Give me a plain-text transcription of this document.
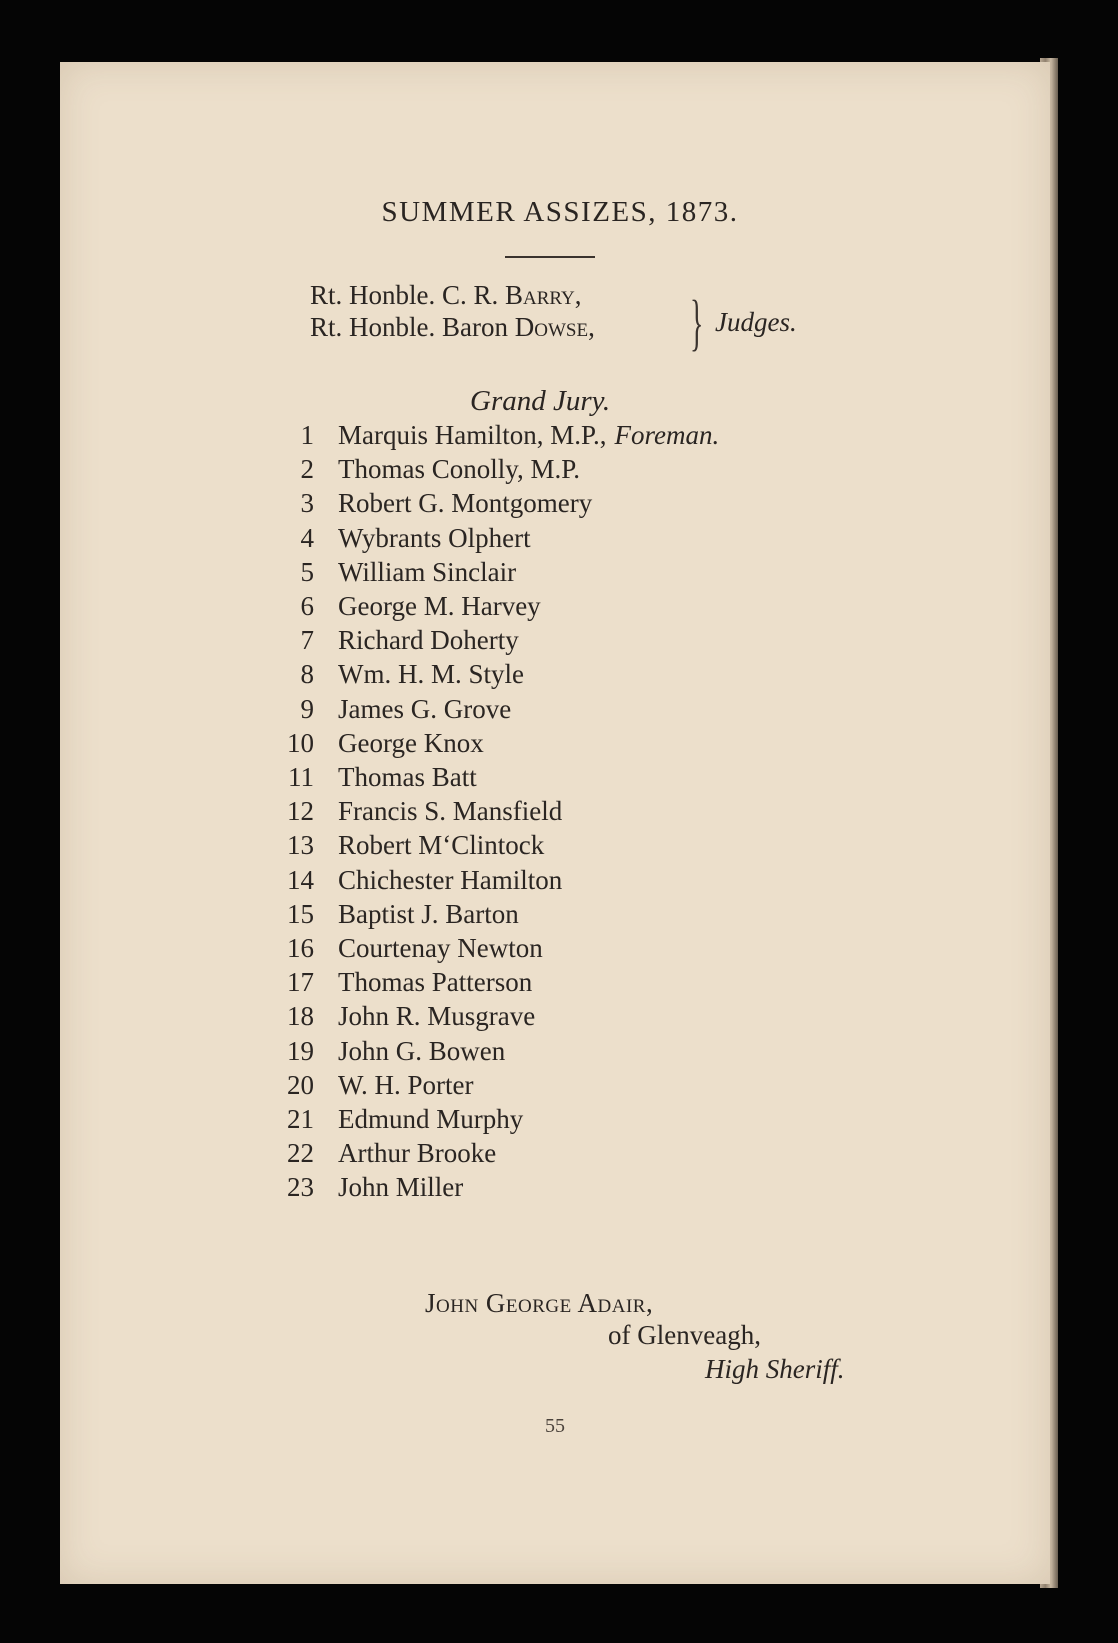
SUMMER ASSIZES, 1873.
Rt. Honble. C. R. Barry,
Rt. Honble. Baron Dowse, } Judges.
Grand Jury.
1 Marquis Hamilton, M.P., Foreman.
2 Thomas Conolly, M.P.
3 Robert G. Montgomery
4 Wybrants Olphert
5 William Sinclair
6 George M. Harvey
7 Richard Doherty
8 Wm. H. M. Style
9 James G. Grove
10 George Knox
11 Thomas Batt
12 Francis S. Mansfield
13 Robert M‘Clintock
14 Chichester Hamilton
15 Baptist J. Barton
16 Courtenay Newton
17 Thomas Patterson
18 John R. Musgrave
19 John G. Bowen
20 W. H. Porter
21 Edmund Murphy
22 Arthur Brooke
23 John Miller
John George Adair,
of Glenveagh,
High Sheriff.
55
